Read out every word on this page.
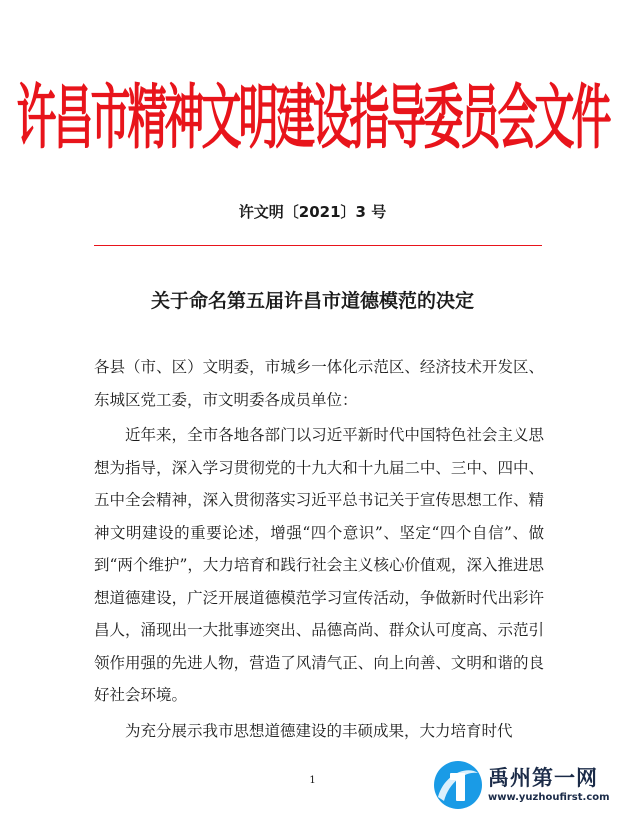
许昌市精神文明建设指导委员会文件
许文明〔2021〕3 号
关于命名第五届许昌市道德模范的决定

各县（市、区）文明委，市城乡一体化示范区、经济技术开发区、东城区党工委，市文明委各成员单位：

近年来，全市各地各部门以习近平新时代中国特色社会主义思想为指导，深入学习贯彻党的十九大和十九届二中、三中、四中、五中全会精神，深入贯彻落实习近平总书记关于宣传思想工作、精神文明建设的重要论述，增强“四个意识”、坚定“四个自信”、做到“两个维护”，大力培育和践行社会主义核心价值观，深入推进思想道德建设，广泛开展道德模范学习宣传活动，争做新时代出彩许昌人，涌现出一大批事迹突出、品德高尚、群众认可度高、示范引领作用强的先进人物，营造了风清气正、向上向善、文明和谐的良好社会环境。

为充分展示我市思想道德建设的丰硕成果，大力培育时代

1	禹州第一网
www.yuzhoufirst.com
